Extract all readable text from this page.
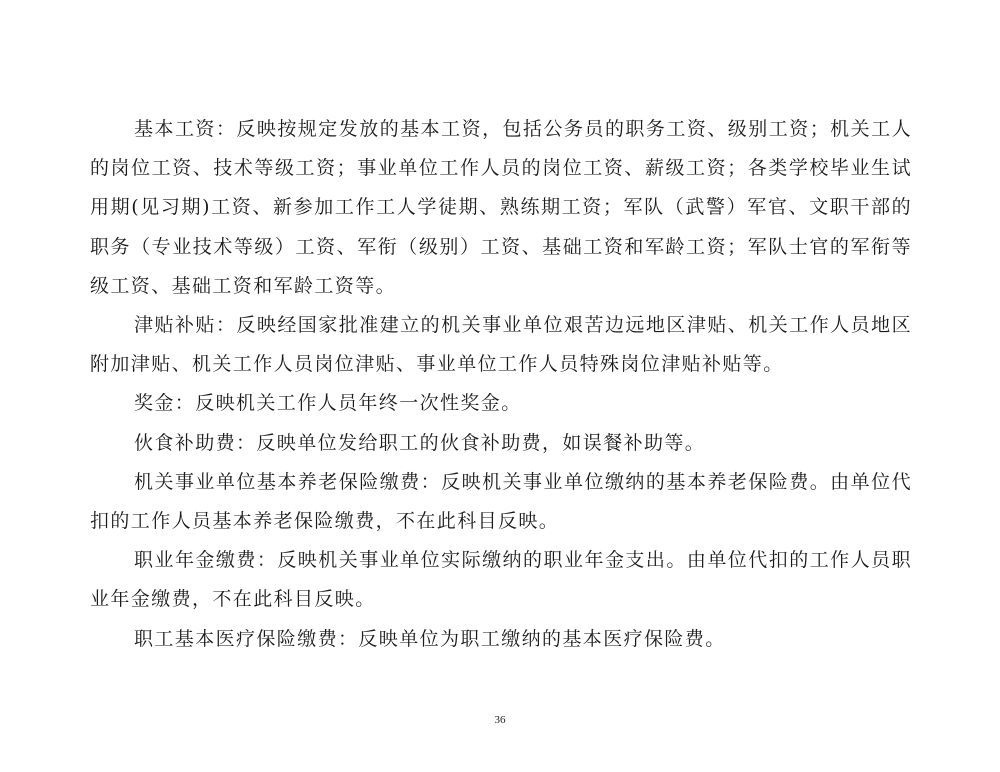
基本工资：反映按规定发放的基本工资，包括公务员的职务工资、级别工资；机关工人的岗位工资、技术等级工资；事业单位工作人员的岗位工资、薪级工资；各类学校毕业生试用期(见习期)工资、新参加工作工人学徒期、熟练期工资；军队（武警）军官、文职干部的职务（专业技术等级）工资、军衔（级别）工资、基础工资和军龄工资；军队士官的军衔等级工资、基础工资和军龄工资等。

津贴补贴：反映经国家批准建立的机关事业单位艰苦边远地区津贴、机关工作人员地区附加津贴、机关工作人员岗位津贴、事业单位工作人员特殊岗位津贴补贴等。

奖金：反映机关工作人员年终一次性奖金。

伙食补助费：反映单位发给职工的伙食补助费，如误餐补助等。

机关事业单位基本养老保险缴费：反映机关事业单位缴纳的基本养老保险费。由单位代扣的工作人员基本养老保险缴费，不在此科目反映。

职业年金缴费：反映机关事业单位实际缴纳的职业年金支出。由单位代扣的工作人员职业年金缴费，不在此科目反映。

职工基本医疗保险缴费：反映单位为职工缴纳的基本医疗保险费。

36
